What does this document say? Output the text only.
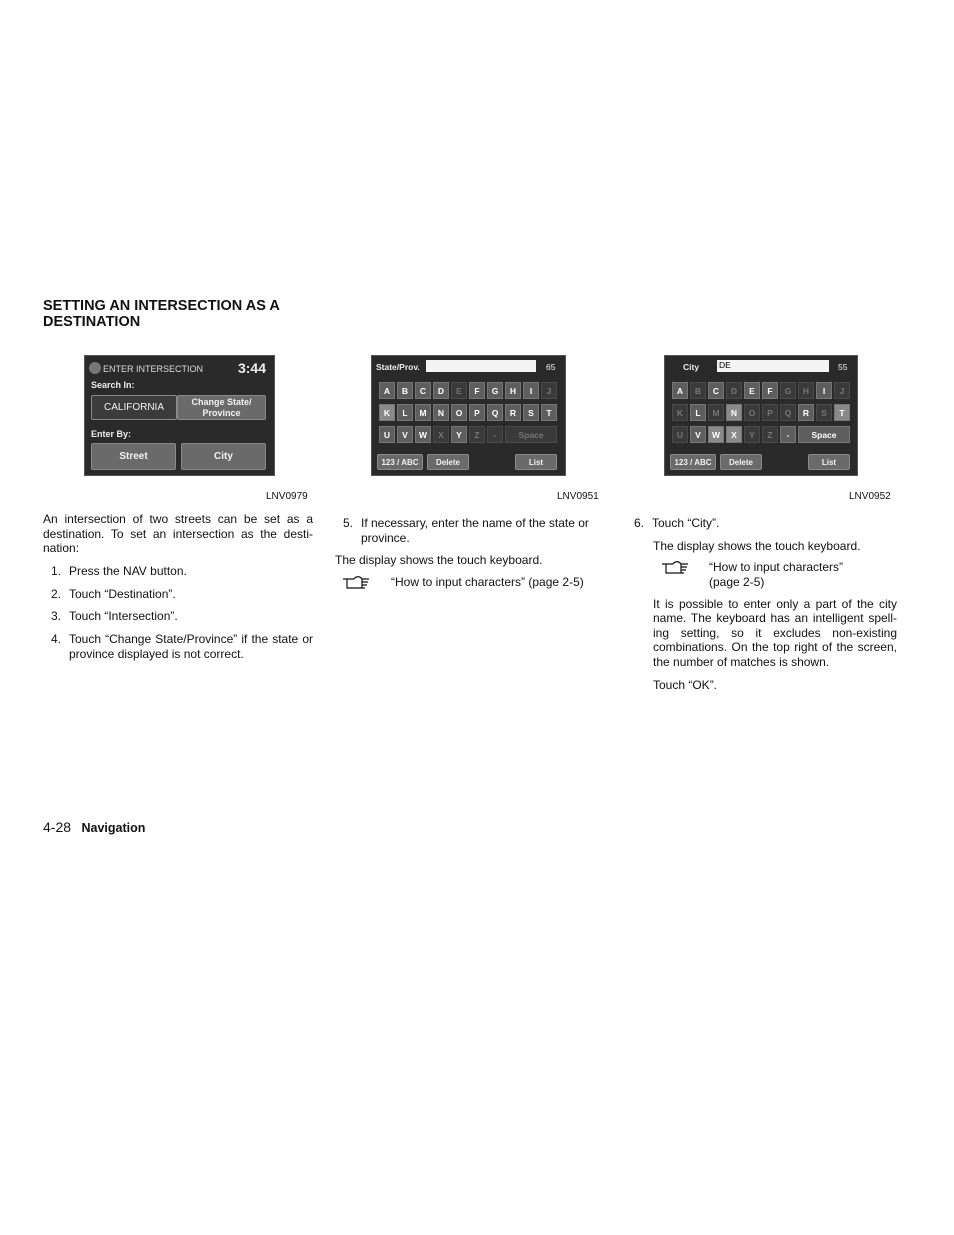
SETTING AN INTERSECTION AS A DESTINATION
ENTER INTERSECTION 3:44
Search In:
CALIFORNIA
Change State/ Province
Enter By:
Street	City
LNV0979
State/Prov.	65
A	B	C	D	E	F	G	H	I	J
K	L	M	N	O	P	Q	R	S	T
U	V	W	X	Y	Z	-	Space
123 / ABC	Delete	List
LNV0951
City DE	55
A	B	C	D	E	F	G	H	I	J
K	L	M	N	O	P	Q	R	S	T
U	V	W	X	Y	Z	-	Space
123 / ABC	Delete	List
LNV0952
An intersection of two streets can be set as a destination. To set an intersection as the desti-nation:
1. Press the NAV button.
2. Touch “Destination”.
3. Touch “Intersection”.
4. Touch “Change State/Province” if the state or province displayed is not correct.
5. If necessary, enter the name of the state or province.
The display shows the touch keyboard.
“How to input characters” (page 2-5)
6. Touch “City”.
The display shows the touch keyboard.
“How to input characters”
(page 2-5)
It is possible to enter only a part of the city name. The keyboard has an intelligent spell-ing setting, so it excludes non-existing combinations. On the top right of the screen, the number of matches is shown.
Touch “OK”.
4-28 Navigation
